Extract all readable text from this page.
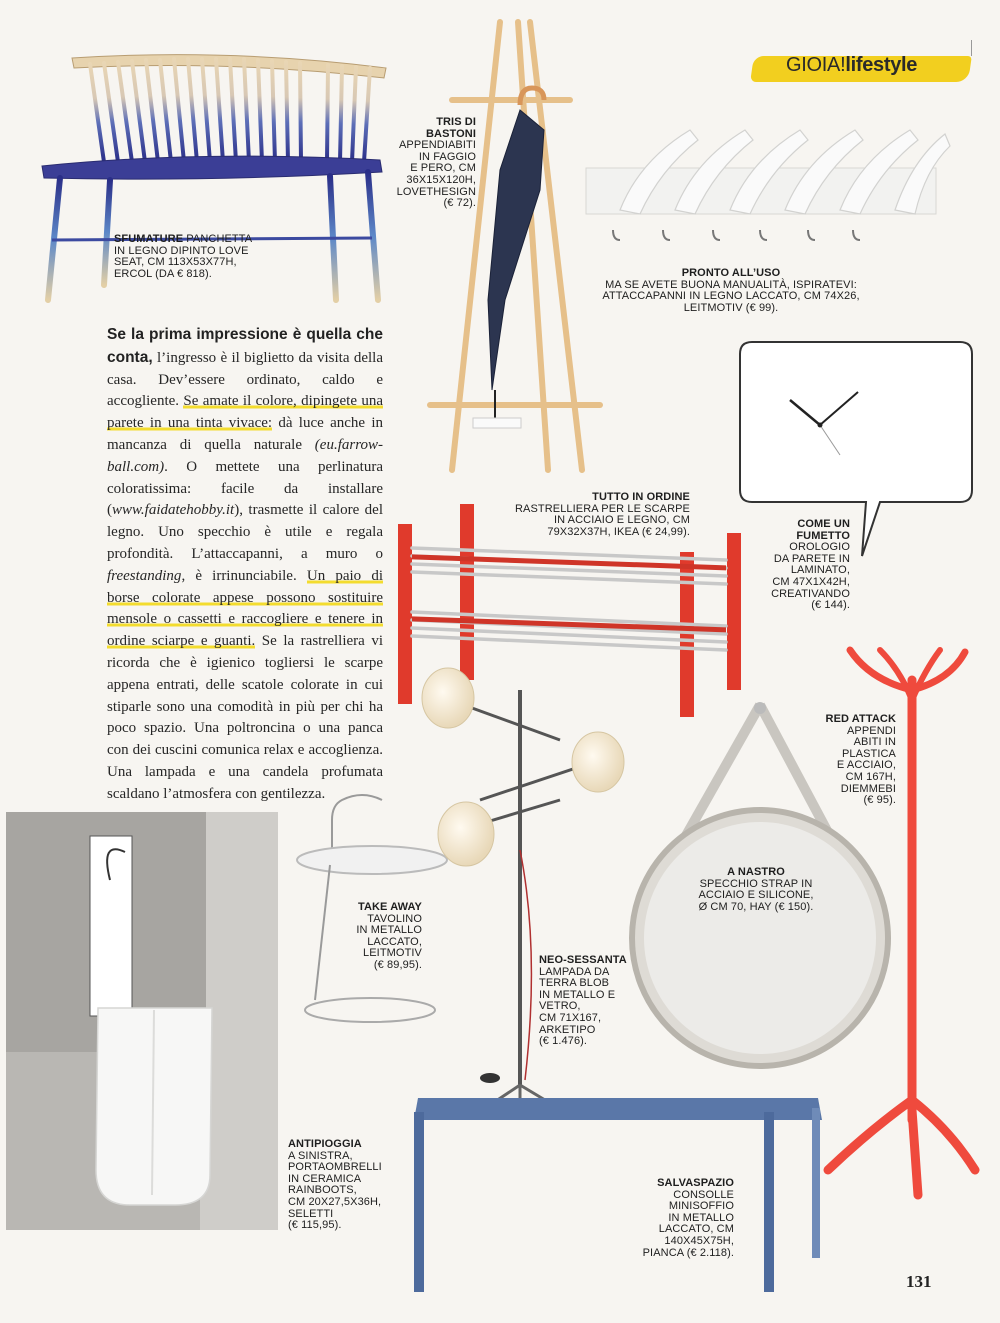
GIOIA!lifestyle
SFUMATURE PANCHETTA
IN LEGNO DIPINTO LOVE
SEAT, CM 113X53X77H,
ERCOL (DA € 818).
TRIS DI
BASTONI
APPENDIABITI
IN FAGGIO
E PERO, CM
36X15X120H,
LOVETHESIGN
(€ 72).
PRONTO ALL’USO
MA SE AVETE BUONA MANUALITÀ, ISPIRATEVI:
ATTACCAPANNI IN LEGNO LACCATO, CM 74X26,
LEITMOTIV (€ 99).
TUTTO IN ORDINE
RASTRELLIERA PER LE SCARPE
IN ACCIAIO E LEGNO, CM
79X32X37H, IKEA (€ 24,99).
COME UN
FUMETTO
OROLOGIO
DA PARETE IN
LAMINATO,
CM 47X1X42H,
CREATIVANDO
(€ 144).
RED ATTACK
APPENDI
ABITI IN
PLASTICA
E ACCIAIO,
CM 167H,
DIEMMEBI
(€ 95).
A NASTRO
SPECCHIO STRAP IN
ACCIAIO E SILICONE,
Ø CM 70, HAY (€ 150).
TAKE AWAY
TAVOLINO
IN METALLO
LACCATO,
LEITMOTIV
(€ 89,95).	NEO-SESSANTA
LAMPADA DA
TERRA BLOB
IN METALLO E
VETRO,
CM 71X167,
ARKETIPO
(€ 1.476).
ANTIPIOGGIA
A SINISTRA,
PORTAOMBRELLI
IN CERAMICA
RAINBOOTS,
CM 20X27,5X36H,
SELETTI
(€ 115,95).
SALVASPAZIO
CONSOLLE
MINISOFFIO
IN METALLO
LACCATO, CM
140X45X75H,
PIANCA (€ 2.118).
Se la prima impressione è quella che conta, l’ingresso è il biglietto da visita della casa. Dev’essere ordinato, caldo e accogliente. Se amate il colore, dipingete una parete in una tinta vivace: dà luce anche in mancanza di quella naturale (eu.farrow-ball.com). O mettete una perlinatura coloratissima: facile da installare (www.faidatehobby.it), trasmette il calore del legno. Uno specchio è utile e regala profondità. L’attaccapanni, a muro o freestanding, è irrinunciabile. Un paio di borse colorate appese possono sostituire mensole o cassetti e raccogliere e tenere in ordine sciarpe e guanti. Se la rastrelliera vi ricorda che è igienico togliersi le scarpe appena entrati, delle scatole colorate in cui stiparle sono una comodità in più per chi ha poco spazio. Una poltroncina o una panca con dei cuscini comunica relax e accoglienza. Una lampada e una candela profumata scaldano l’atmosfera con gentilezza.
131
